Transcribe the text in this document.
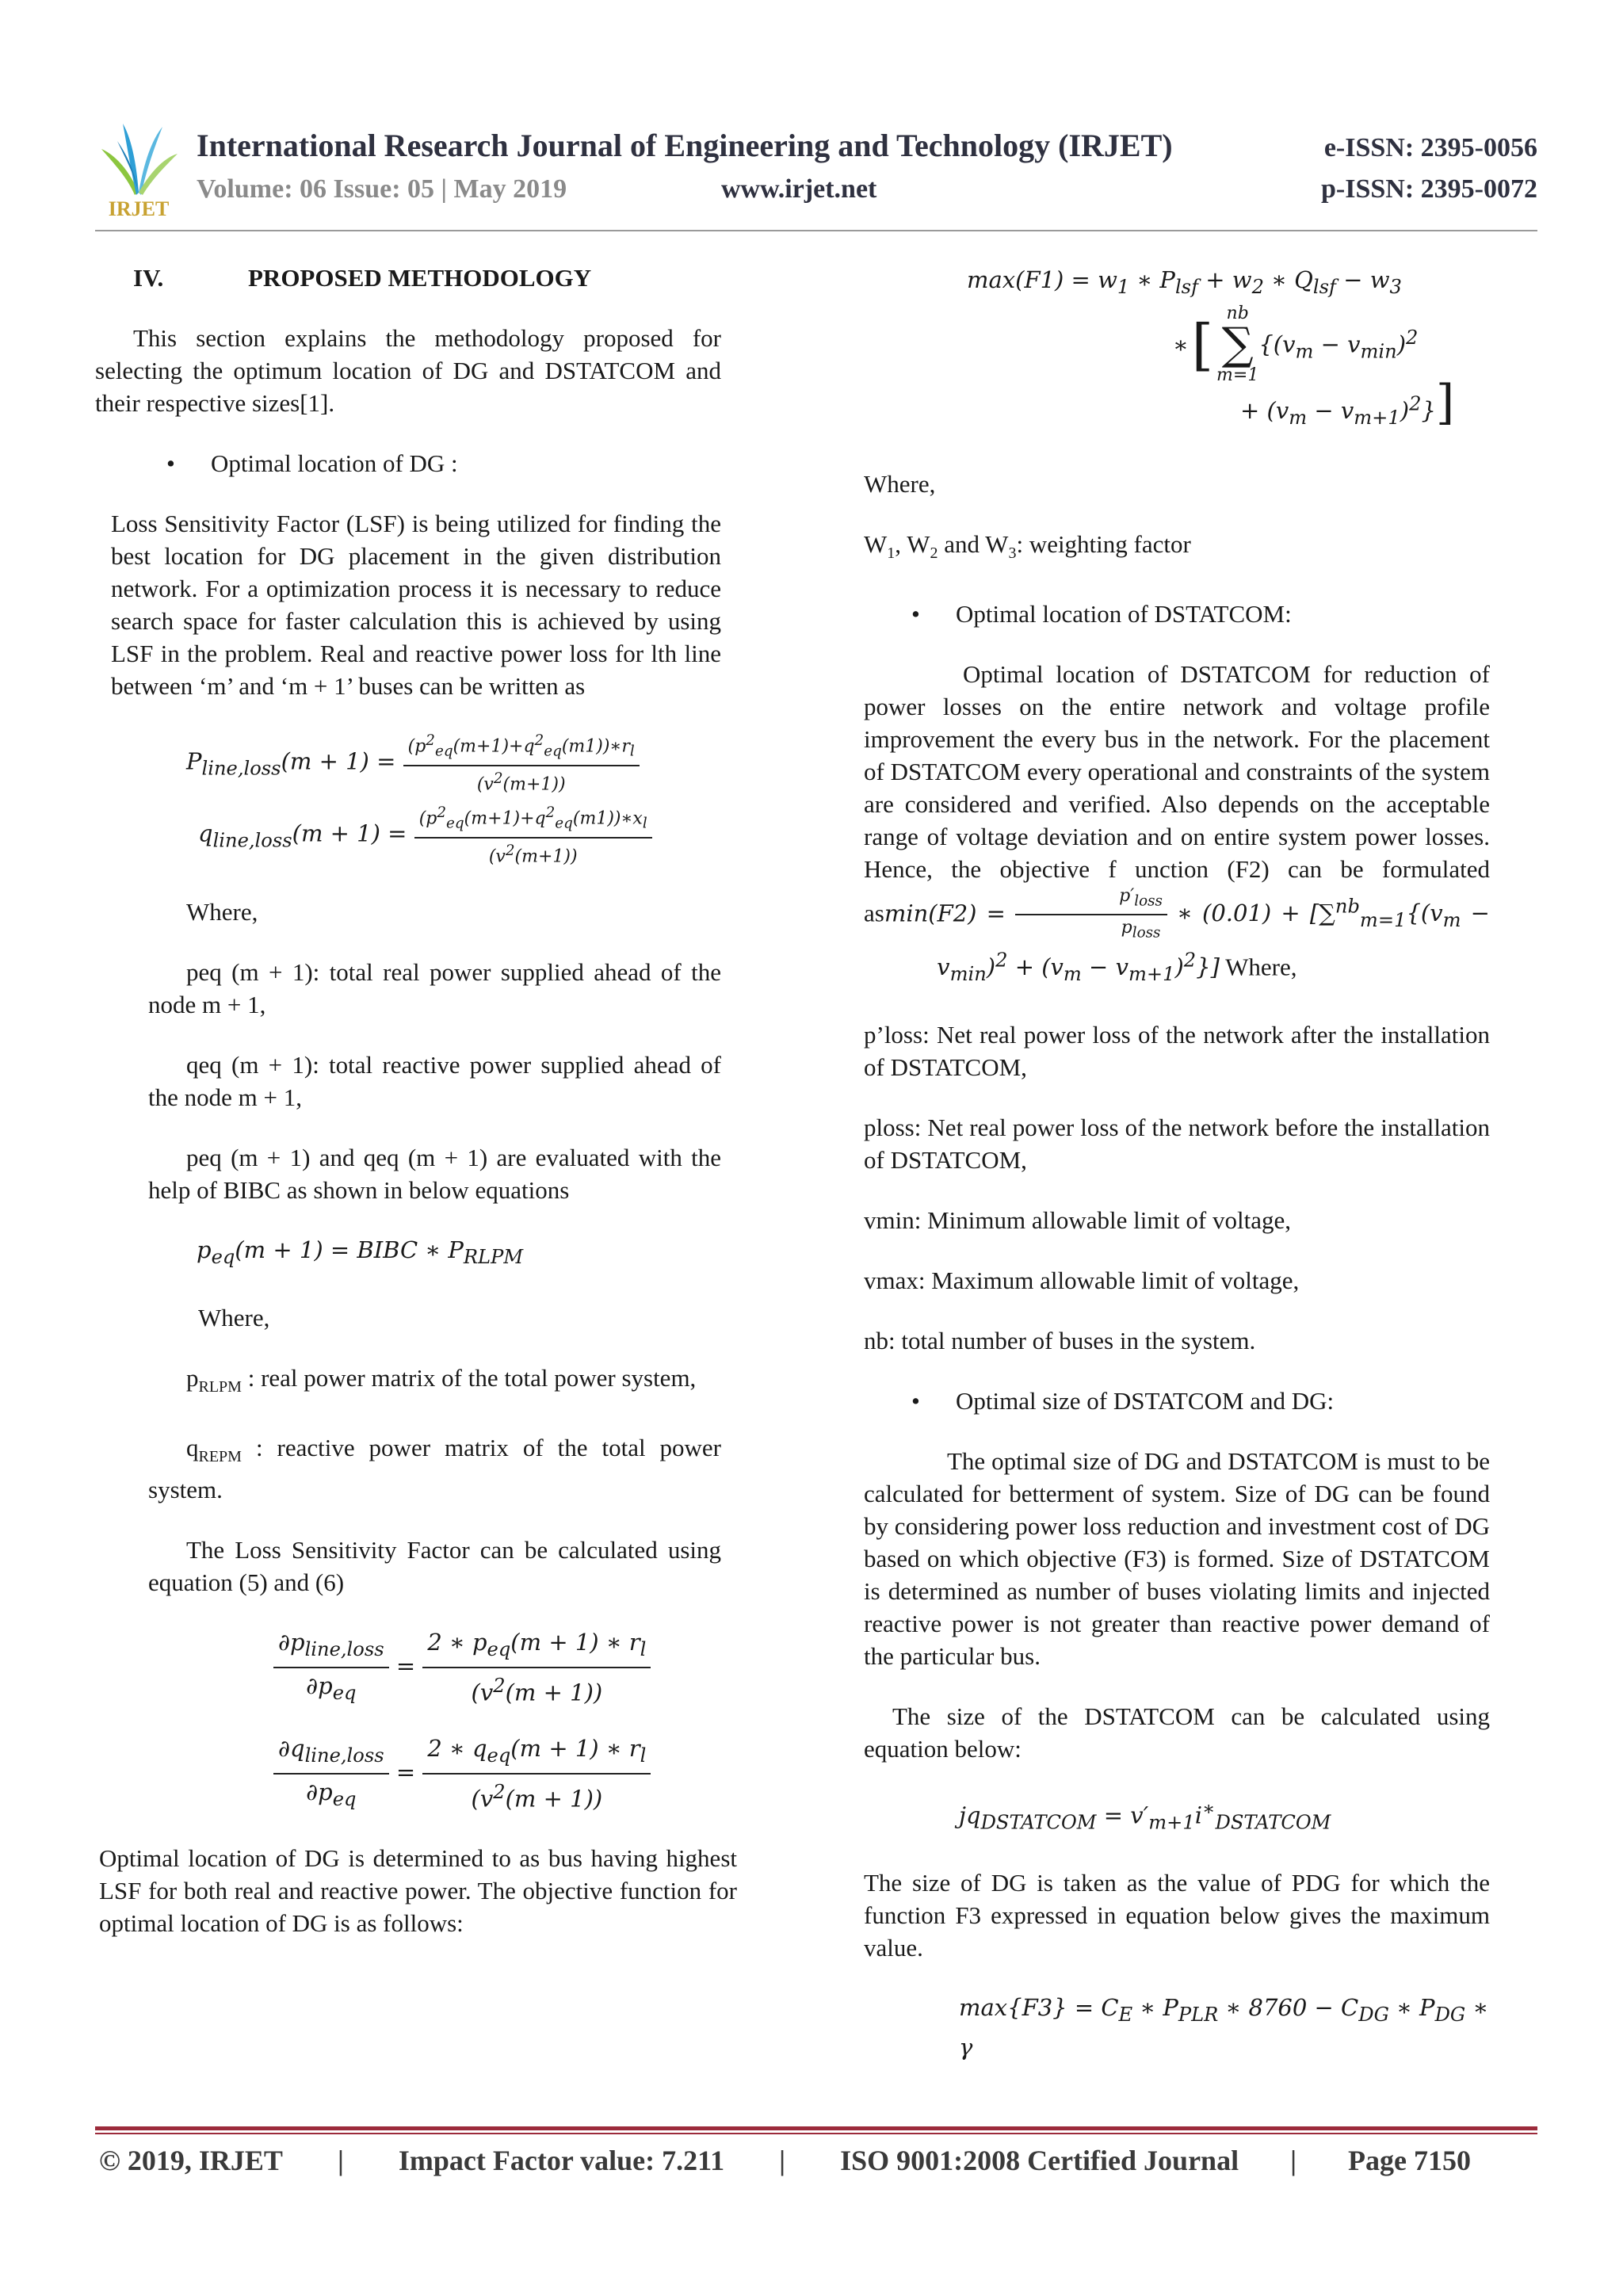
IRJET
International Research Journal of Engineering and Technology (IRJET)	e-ISSN: 2395-0056
Volume: 06 Issue: 05 | May 2019	www.irjet.net	p-ISSN: 2395-0072
IV.	PROPOSED METHODOLOGY

This section explains the methodology proposed for selecting the optimum location of DG and DSTATCOM and their respective sizes[1].

• Optimal location of DG :

Loss Sensitivity Factor (LSF) is being utilized for finding the best location for DG placement in the given distribution network. For a optimization process it is necessary to reduce search space for faster calculation this is achieved by using LSF in the problem. Real and reactive power loss for lth line between ‘m’ and ‘m + 1’ buses can be written as

$P_{line,loss}(m + 1) = \frac{(p^2_{eq}(m+1)+q^2_{eq}(m1))∗r_l}{(v^2(m+1))}$
$q_{line,loss}(m + 1) = \frac{(p^2_{eq}(m+1)+q^2_{eq}(m1))∗x_l}{(v^2(m+1))}$

Where,

peq (m + 1): total real power supplied ahead of the node m + 1,

qeq (m + 1): total reactive power supplied ahead of the node m + 1,

peq (m + 1) and qeq (m + 1) are evaluated with the help of BIBC as shown in below equations

$p_{eq}(m + 1)$ = BIBC ∗ $P_{RLPM}$

Where,

$p_{RLPM}$ : real power matrix of the total power system,

$q_{REPM}$ : reactive power matrix of the total power system.

The Loss Sensitivity Factor can be calculated using equation (5) and (6)

$\frac{\partial p_{line,loss}}{\partial p_{eq}} = \frac{2 ∗ p_{eq}(m + 1) ∗ r_l}{(v^2(m + 1))}$
$\frac{\partial q_{line,loss}}{\partial p_{eq}} = \frac{2 ∗ q_{eq}(m + 1) ∗ r_l}{(v^2(m + 1))}$

Optimal location of DG is determined to as bus having highest LSF for both real and reactive power. The objective function for optimal location of DG is as follows:

$\max(F1) = w_1$ ∗ $P_{lsf} + w_2$ ∗ $Q_{lsf} - w_3$
∗ [ nb
∑
m=1
{$(v_m - v_{min})^2$
+ $(v_m - v_{m+1})^2$}]

Where,

$W_1$, $W_2$ and $W_3$: weighting factor

• Optimal location of DSTATCOM:

Optimal location of DSTATCOM for reduction of power losses on the entire network and voltage profile improvement the every bus in the network. For the placement of DSTATCOM every operational and constraints of the system are considered and verified. Also depends on the acceptable range of voltage deviation and on entire system power losses. Hence, the objective f unction (F2) can be formulated $asmin(F2) = \frac{p'_{loss}}{p_{loss}}$ ∗ $(0.01) + [\sum^{nb}_{m=1}\{(v_m$ −           $v_{min})^2 + (v_m - v_{m+1})^2$}] Where,

p’loss: Net real power loss of the network after the installation of DSTATCOM,

ploss: Net real power loss of the network before the installation of DSTATCOM,

vmin: Minimum allowable limit of voltage,

vmax: Maximum allowable limit of voltage,

nb: total number of buses in the system.

• Optimal size of DSTATCOM and DG:

The optimal size of DG and DSTATCOM is must to be calculated for betterment of system. Size of DG can be found by considering power loss reduction and investment cost of DG based on which objective (F3) is formed. Size of DSTATCOM is determined as number of buses violating limits and injected reactive power is not greater than reactive power demand of the particular bus.

The size of the DSTATCOM can be calculated using equation below:

$jq_{DSTATCOM} = v'_{m+1}i^∗_{DSTATCOM}$

The size of DG is taken as the value of PDG for which the function F3 expressed in equation below gives the maximum value.

$\max\{F3\} = C_E$ ∗ $P_{PLR}$ ∗ $8760 - C_{DG}$ ∗ $P_{DG}$ ∗ γ
© 2019, IRJET | Impact Factor value: 7.211 | ISO 9001:2008 Certified Journal | Page 7150
